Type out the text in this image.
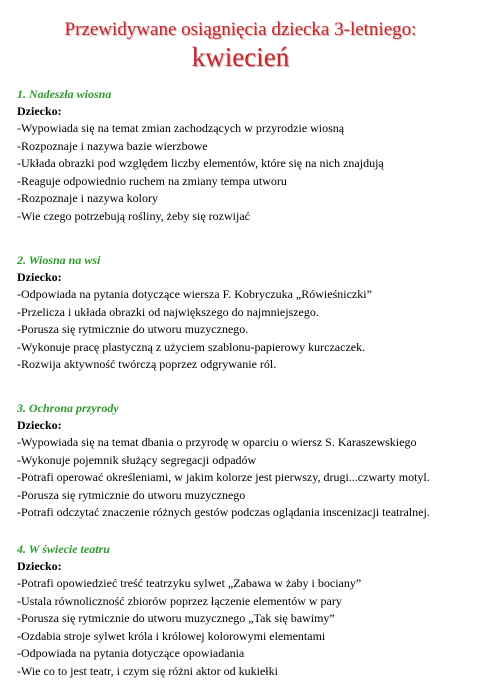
Przewidywane osiągnięcia dziecka 3-letniego:
kwiecień
1. Nadeszła wiosna
Dziecko:
-Wypowiada się na temat zmian zachodzących w przyrodzie wiosną
-Rozpoznaje i nazywa bazie wierzbowe
-Układa obrazki pod względem liczby elementów, które się na nich znajdują
-Reaguje odpowiednio ruchem na zmiany tempa utworu
-Rozpoznaje i nazywa kolory
-Wie czego potrzebują rośliny, żeby się rozwijać
2. Wiosna na wsi
Dziecko:
-Odpowiada na pytania dotyczące wiersza F. Kobryczuka „Rówieśniczki”
-Przelicza i układa obrazki od największego do najmniejszego.
-Porusza się rytmicznie do utworu muzycznego.
-Wykonuje pracę plastyczną z użyciem szablonu-papierowy kurczaczek.
-Rozwija aktywność twórczą poprzez odgrywanie ról.
3. Ochrona przyrody
Dziecko:
-Wypowiada się na temat dbania o przyrodę w oparciu o wiersz S. Karaszewskiego
-Wykonuje pojemnik służący segregacji odpadów
-Potrafi operować określeniami, w jakim kolorze jest pierwszy, drugi...czwarty motyl.
-Porusza się rytmicznie do utworu muzycznego
-Potrafi odczytać znaczenie różnych gestów podczas oglądania inscenizacji teatralnej.
4. W świecie teatru
Dziecko:
-Potrafi opowiedzieć treść teatrzyku sylwet „Zabawa w żaby i bociany”
-Ustala równoliczność zbiorów poprzez łączenie elementów w pary
-Porusza się rytmicznie do utworu muzycznego „Tak się bawimy”
-Ozdabia stroje sylwet króla i królowej kolorowymi elementami
-Odpowiada na pytania dotyczące opowiadania
-Wie co to jest teatr, i czym się różni aktor od kukiełki
